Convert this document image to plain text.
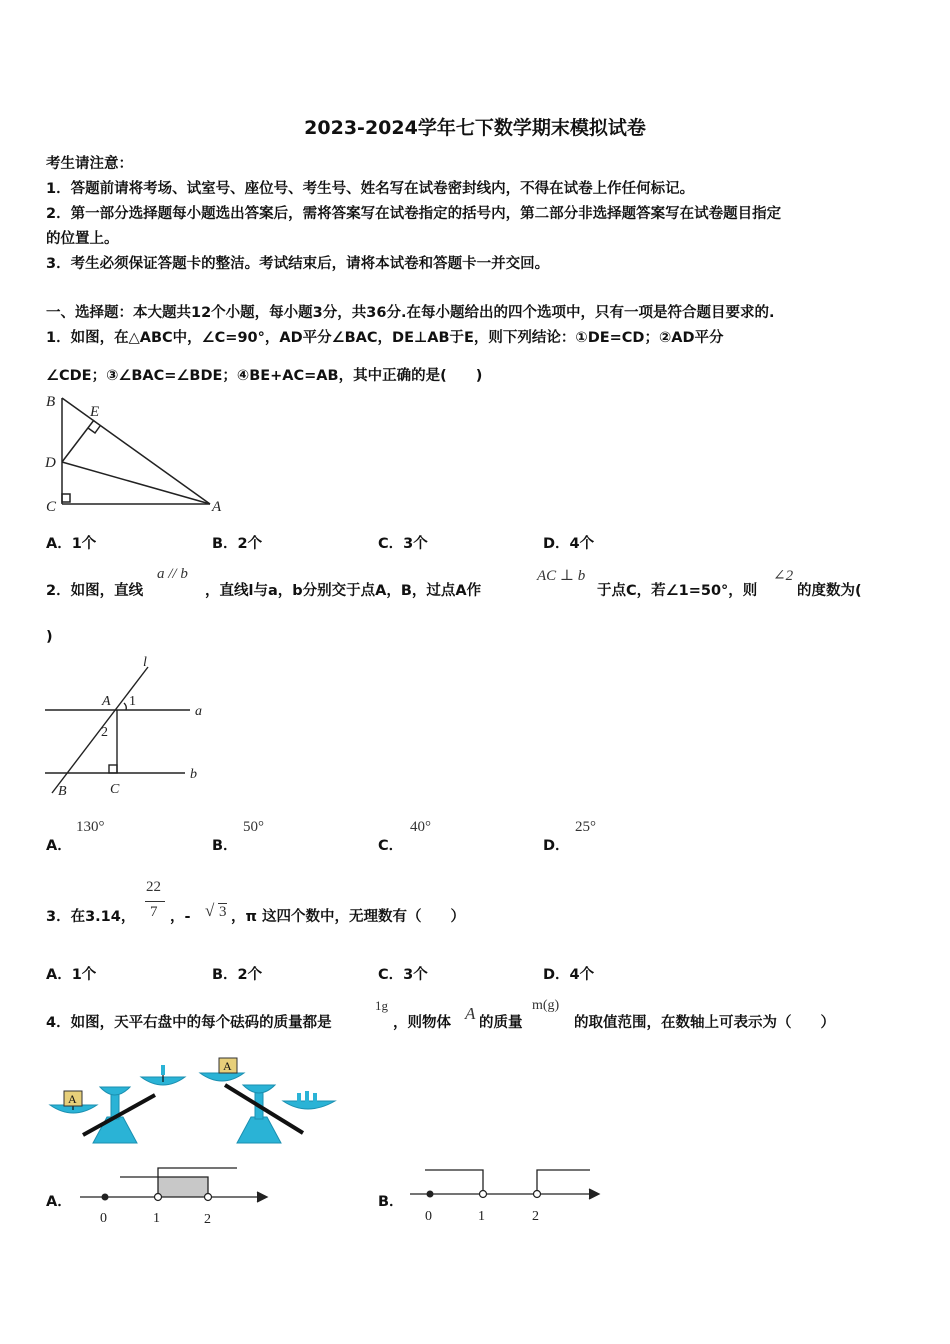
2023-2024学年七下数学期末模拟试卷
考生请注意：
1．答题前请将考场、试室号、座位号、考生号、姓名写在试卷密封线内，不得在试卷上作任何标记。
2．第一部分选择题每小题选出答案后，需将答案写在试卷指定的括号内，第二部分非选择题答案写在试卷题目指定
的位置上。
3．考生必须保证答题卡的整洁。考试结束后，请将本试卷和答题卡一并交回。
一、选择题：本大题共12个小题，每小题3分，共36分.在每小题给出的四个选项中，只有一项是符合题目要求的.
1．如图，在△ABC中，∠C=90°，AD平分∠BAC，DE⊥AB于E，则下列结论：①DE=CD；②AD平分
∠CDE；③∠BAC=∠BDE；④BE+AC=AB，其中正确的是(　　)
B
E
D
C	A
A．1个	B．2个	C．3个	D．4个
2．如图，直线
a // b
，直线l与a，b分别交于点A，B，过点A作
AC ⊥ b
于点C，若∠1=50°，则
∠2
的度数为(
)
l
A 1
a
2
b
B	C
A．
130°
B．
50°
C．
40°
D．
25°
3．在3.14，
22
7 ，- √ 3 ，π 这四个数中，无理数有（　　）
A．1个	B．2个	C．3个	D．4个
4．如图，天平右盘中的每个砝码的质量都是
1g
，则物体 A 的质量
m(g)
的取值范围，在数轴上可表示为（　　）
A
A
A．
0	1	2
B．
0	1	2
